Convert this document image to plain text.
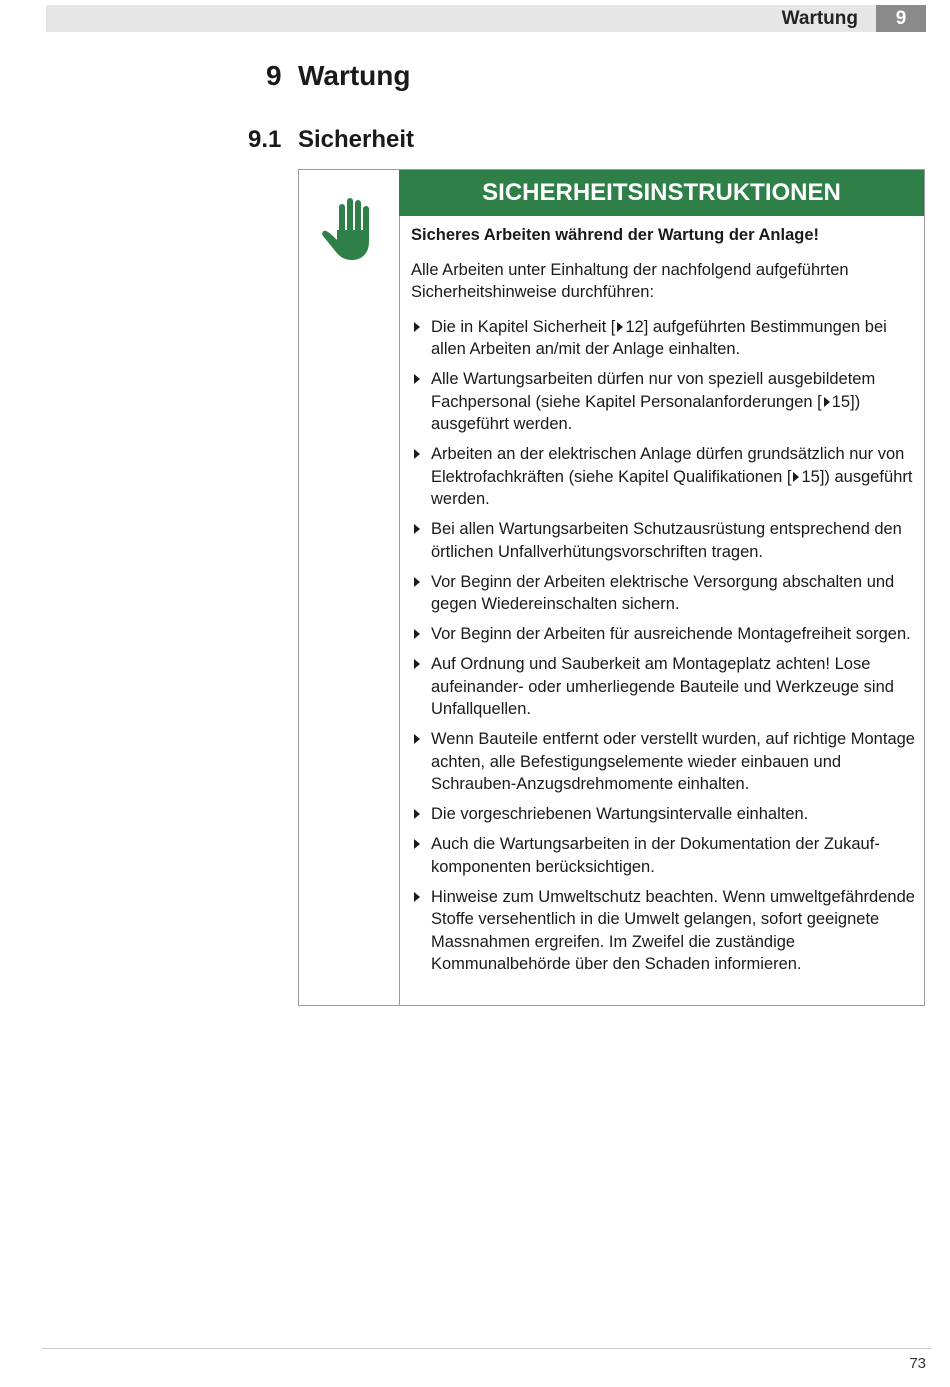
Wartung	9
9 Wartung
9.1 Sicherheit
SICHERHEITSINSTRUKTIONEN

Sicheres Arbeiten während der Wartung der Anlage!

Alle Arbeiten unter Einhaltung der nachfolgend aufgeführten Sicherheitshinweise durchführen:

Die in Kapitel Sicherheit [ 12] aufgeführten Bestimmungen bei allen Arbeiten an/mit der Anlage einhalten.
Alle Wartungsarbeiten dürfen nur von speziell ausgebildetem Fachpersonal (siehe Kapitel Personalanforderungen [ 15]) ausgeführt werden.
Arbeiten an der elektrischen Anlage dürfen grundsätzlich nur von Elektrofachkräften (siehe Kapitel Qualifikationen [ 15]) ausgeführt werden.
Bei allen Wartungsarbeiten Schutzausrüstung entsprechend den örtlichen Unfallverhütungsvorschriften tragen.
Vor Beginn der Arbeiten elektrische Versorgung abschalten und gegen Wiedereinschalten sichern.
Vor Beginn der Arbeiten für ausreichende Montagefreiheit sorgen.
Auf Ordnung und Sauberkeit am Montageplatz achten! Lose aufeinander- oder umherliegende Bauteile und Werkzeuge sind Unfallquellen.
Wenn Bauteile entfernt oder verstellt wurden, auf richtige Montage achten, alle Befestigungselemente wieder einbauen und Schrauben-Anzugsdrehmomente einhalten.
Die vorgeschriebenen Wartungsintervalle einhalten.
Auch die Wartungsarbeiten in der Dokumentation der Zukaufkomponenten berücksichtigen.
Hinweise zum Umweltschutz beachten. Wenn umweltgefährdende Stoffe versehentlich in die Umwelt gelangen, sofort geeignete Massnahmen ergreifen. Im Zweifel die zuständige Kommunalbehörde über den Schaden informieren.
73
